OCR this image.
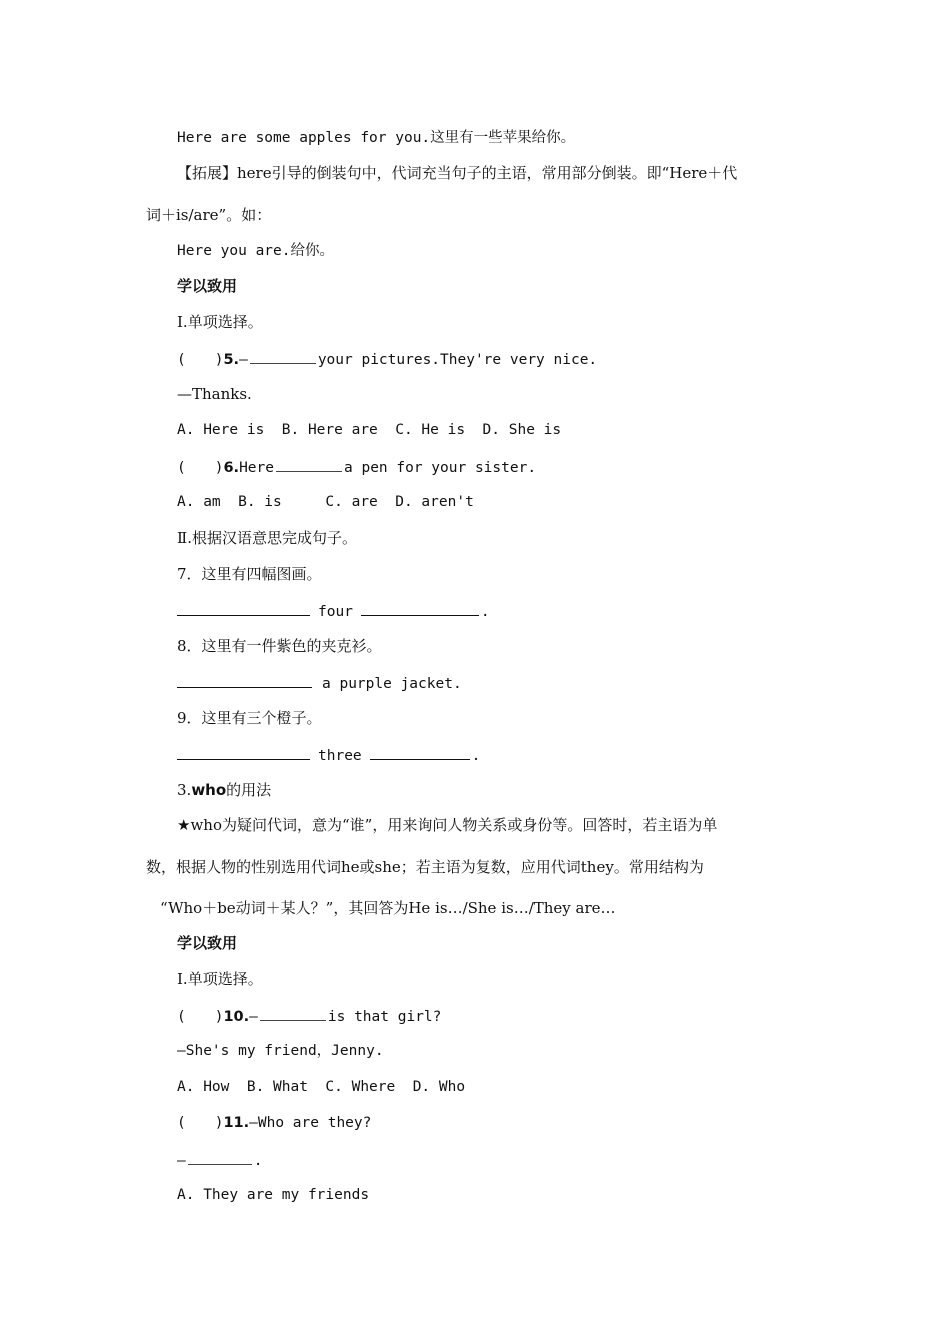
Here are some apples for you.这里有一些苹果给你。
【拓展】here引导的倒装句中，代词充当句子的主语，常用部分倒装。即“Here＋代
词＋is/are”。如：
Here you are.给你。
学以致用
Ⅰ.单项选择。
(　　)5.—	your pictures.They're very nice.
—Thanks.
A. Here is  B. Here are  C. He is  D. She is
(　　)6.Here	a pen for your sister.
A. am  B. is     C. are  D. aren't
Ⅱ.根据汉语意思完成句子。
7．这里有四幅图画。
four	.
8．这里有一件紫色的夹克衫。
a purple jacket.
9．这里有三个橙子。
three	.
3.who的用法
★who为疑问代词，意为“谁”，用来询问人物关系或身份等。回答时，若主语为单
数，根据人物的性别选用代词he或she；若主语为复数，应用代词they。常用结构为
“Who＋be动词＋某人？”，其回答为He is…/She is…/They are…
学以致用
Ⅰ.单项选择。
(　　)10.—	is that girl?
—She's my friend，Jenny.
A. How  B. What  C. Where  D. Who
(　　)11.—Who are they?
—	.
A. They are my friends
